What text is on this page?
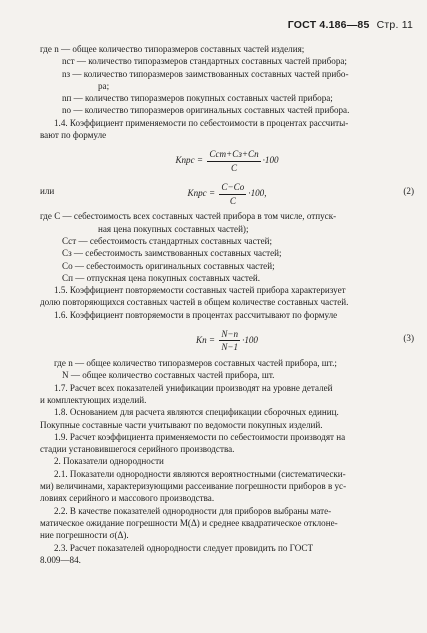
ГОСТ 4.186—85 Стр. 11
где n — общее количество типоразмеров составных частей изделия;
nст — количество типоразмеров стандартных составных частей прибора;
nз — количество типоразмеров заимствованных составных частей прибо-
ра;
nп — количество типоразмеров покупных составных частей прибора;
nо — количество типоразмеров оригинальных составных частей прибора.
1.4. Коэффициент применяемости по себестоимости в процентах рассчиты-
вают по формуле
Kпрс = $\frac{\text{Сст+Сз+Сп}}{С} \cdot 100$
или	Kпрс = $\frac{С-Со}{С} \cdot 100$,	(2)
где С — себестоимость всех составных частей прибора в том числе, отпуск-
ная цена покупных составных частей);
Сст — себестоимость стандартных составных частей;
Сз — себестоимость заимствованных составных частей;
Со — себестоимость оригинальных составных частей;
Сп — отпускная цена покупных составных частей.
1.5. Коэффициент повторяемости составных частей прибора характеризует
долю повторяющихся составных частей в общем количестве составных частей.
1.6. Коэффициент повторяемости в процентах рассчитывают по формуле
Kп = $\frac{N-n}{N-1} \cdot 100$	(3)
где n — общее количество типоразмеров составных частей прибора, шт.;
N — общее количество составных частей прибора, шт.
1.7. Расчет всех показателей унификации производят на уровне деталей
и комплектующих изделий.
1.8. Основанием для расчета являются спецификации сборочных единиц.
Покупные составные части учитывают по ведомости покупных изделий.
1.9. Расчет коэффициента применяемости по себестоимости производят на
стадии установившегося серийного производства.
2. Показатели однородности
2.1. Показатели однородности являются вероятностными (систематически-
ми) величинами, характеризующими рассеивание погрешности приборов в ус-
ловиях серийного и массового производства.
2.2. В качестве показателей однородности для приборов выбраны мате-
матическое ожидание погрешности М(Δ) и среднее квадратическое отклоне-
ние погрешности σ(Δ).
2.3. Расчет показателей однородности следует провидить по ГОСТ
8.009—84.
